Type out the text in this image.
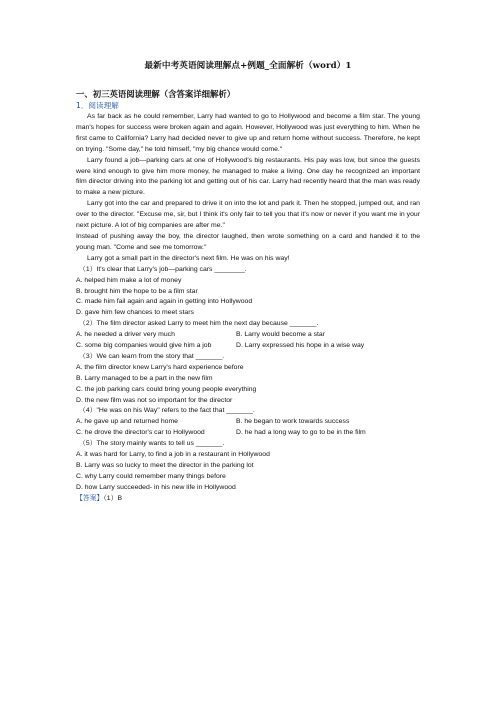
最新中考英语阅读理解点+例题_全面解析（word）1
一、初三英语阅读理解（含答案详细解析）
1．阅读理解

As far back as he could remember, Larry had wanted to go to Hollywood and become a film star. The young man's hopes for success were broken again and again. However, Hollywood was just everything to him. When he first came to California? Larry had decided never to give up and return home without success. Therefore, he kept on trying. "Some day," he told himself, "my big chance would come."

Larry found a job—parking cars at one of Hollywood's big restaurants. His pay was low, but since the guests were kind enough to give him more money, he managed to make a living. One day he recognized an important film director driving into the parking lot and getting out of his car. Larry had recently heard that the man was ready to make a new picture.

Larry got into the car and prepared to drive it on into the lot and park it. Then he stopped, jumped out, and ran over to the director. "Excuse me, sir, but I think it's only fair to tell you that it's now or never if you want me in your next picture. A lot of big companies are after me."

Instead of pushing away the boy, the director laughed, then wrote something on a card and handed it to the young man. "Come and see me tomorrow."

Larry got a small part in the director's next film. He was on his way!

（1）It's clear that Larry's job—parking cars ________.

A. helped him make a lot of money

B. brought him the hope to be a film star

C. made him fail again and again in getting into Hollywood

D. gave him few chances to meet stars

（2）The film director asked Larry to meet him the next day because _______.

A. he needed a driver very much	B. Larry would become a star
C. some big companies would give him a job	D. Larry expressed his hope in a wise way

（3）We can learn from the story that _______.

A. the film director knew Larry's hard experience before

B. Larry managed to be a part in the new film

C. the job parking cars could bring young people everything

D. the new film was not so important for the director

（4）"He was on his Way" refers to the fact that _______.

A. he gave up and returned home	B. he began to work towards success
C. he drove the director's car to Hollywood	D. he had a long way to go to be in the film

（5）The story mainly wants to tell us _______.

A. it was hard for Larry, to find a job in a restaurant in Hollywood

B. Larry was so lucky to meet the director in the parking lot

C. why Larry could remember many things before

D. how Larry succeeded- in his new life in Hollywood

【答案】（1）B
